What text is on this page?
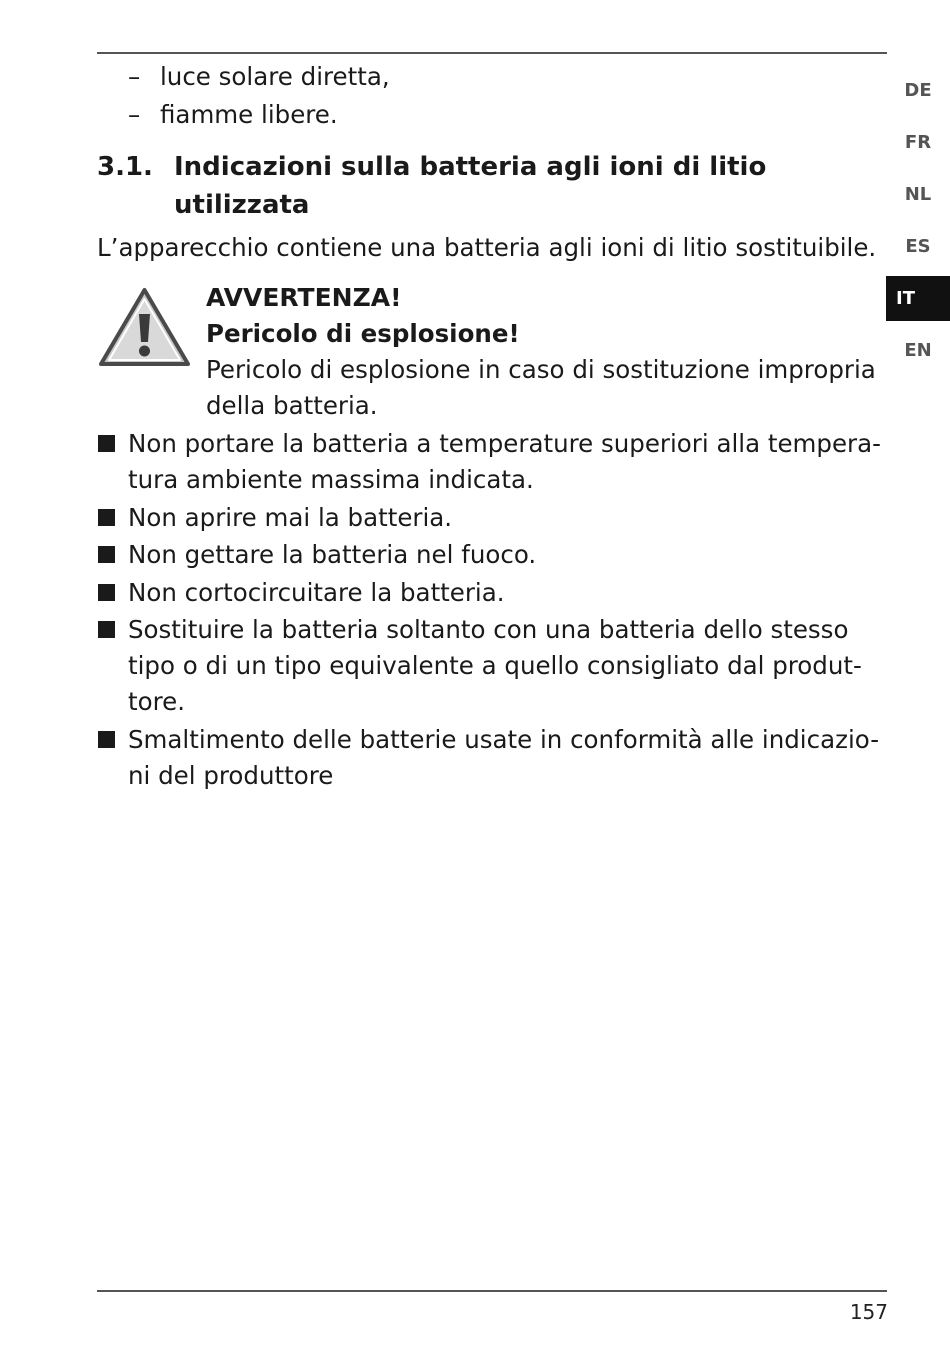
– luce solare diretta,
– fiamme libere.
3.1. Indicazioni sulla batteria agli ioni di litio utilizzata
L’apparecchio contiene una batteria agli ioni di litio sostituibile.
AVVERTENZA!
Pericolo di esplosione!
Pericolo di esplosione in caso di sostituzione impropria della batteria.
Non portare la batteria a temperature superiori alla tempera-tura ambiente massima indicata.
Non aprire mai la batteria.
Non gettare la batteria nel fuoco.
Non cortocircuitare la batteria.
Sostituire la batteria soltanto con una batteria dello stesso tipo o di un tipo equivalente a quello consigliato dal produt-tore.
Smaltimento delle batterie usate in conformità alle indicazio-ni del produttore
DE
FR
NL
ES
IT
EN
157
